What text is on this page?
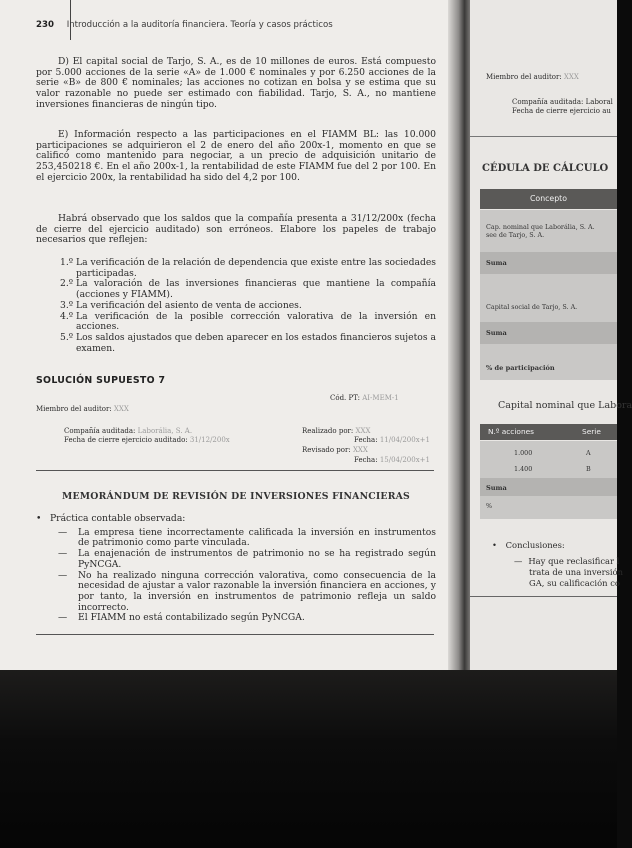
230 Introducción a la auditoría financiera. Teoría y casos prácticos
D) El capital social de Tarjo, S. A., es de 10 millones de euros. Está compuesto por 5.000 acciones de la serie «A» de 1.000 € nominales y por 6.250 acciones de la serie «B» de 800 € nominales; las acciones no cotizan en bolsa y se estima que su valor razonable no puede ser estimado con fiabilidad. Tarjo, S. A., no mantiene inversiones financieras de ningún tipo.
E) Información respecto a las participaciones en el FIAMM BL: las 10.000 participaciones se adquirieron el 2 de enero del año 200x-1, momento en que se calificó como mantenido para negociar, a un precio de adquisición unitario de 253,450218 €. En el año 200x-1, la rentabilidad de este FIAMM fue del 2 por 100. En el ejercicio 200x, la rentabilidad ha sido del 4,2 por 100.
Habrá observado que los saldos que la compañía presenta a 31/12/200x (fecha de cierre del ejercicio auditado) son erróneos. Elabore los papeles de trabajo necesarios que reflejen:
1.º La verificación de la relación de dependencia que existe entre las sociedades participadas.
2.º La valoración de las inversiones financieras que mantiene la compañía (acciones y FIAMM).
3.º La verificación del asiento de venta de acciones.
4.º La verificación de la posible corrección valorativa de la inversión en acciones.
5.º Los saldos ajustados que deben aparecer en los estados financieros sujetos a examen.
SOLUCIÓN SUPUESTO 7
Cód. PT: AI-MEM-1
Miembro del auditor: XXX
Compañía auditada: Laborália, S. A.
Fecha de cierre ejercicio auditado: 31/12/200x
Realizado por: XXX
Fecha: 11/04/200x+1
Revisado por: XXX
Fecha: 15/04/200x+1
MEMORÁNDUM DE REVISIÓN DE INVERSIONES FINANCIERAS
• Práctica contable observada:
—	La empresa tiene incorrectamente calificada la inversión en instrumentos de patrimonio como parte vinculada.
—	La enajenación de instrumentos de patrimonio no se ha registrado según PyNCGA.
—	No ha realizado ninguna corrección valorativa, como consecuencia de la necesidad de ajustar a valor razonable la inversión financiera en acciones, y por tanto, la inversión en instrumentos de patrimonio refleja un saldo incorrecto.
—	El FIAMM no está contabilizado según PyNCGA.
Miembro del auditor: XXX
Compañía auditada: Laboral
Fecha de cierre ejercicio au
CÉDULA DE CÁLCULO
Concepto
Cap. nominal que Laborália, S. A.
see de Tarjo, S. A.
Suma
Capital social de Tarjo, S. A.
Suma
% de participación
Capital nominal que Labora
N.º acciones	Serie
1.000	A
1.400	B
Suma
%
• Conclusiones:
— Hay que reclasificar l
trata de una inversión
GA, su calificación co
